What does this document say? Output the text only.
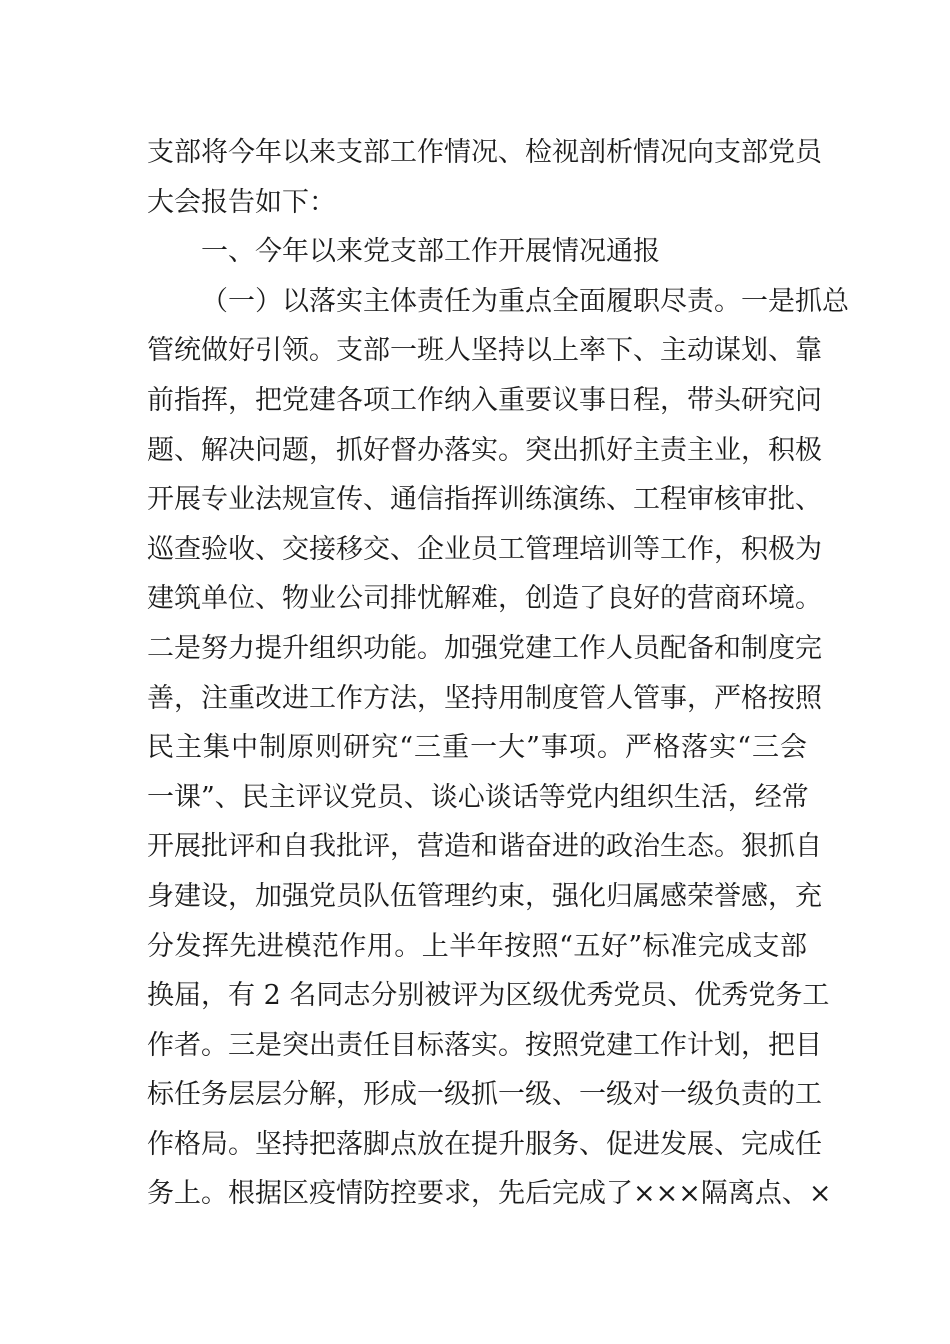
支部将今年以来支部工作情况、检视剖析情况向支部党员
大会报告如下：
一、今年以来党支部工作开展情况通报
（一）以落实主体责任为重点全面履职尽责。一是抓总
管统做好引领。支部一班人坚持以上率下、主动谋划、靠
前指挥，把党建各项工作纳入重要议事日程，带头研究问
题、解决问题，抓好督办落实。突出抓好主责主业，积极
开展专业法规宣传、通信指挥训练演练、工程审核审批、
巡查验收、交接移交、企业员工管理培训等工作，积极为
建筑单位、物业公司排忧解难，创造了良好的营商环境。
二是努力提升组织功能。加强党建工作人员配备和制度完
善，注重改进工作方法，坚持用制度管人管事，严格按照
民主集中制原则研究“三重一大”事项。严格落实“三会
一课”、民主评议党员、谈心谈话等党内组织生活，经常
开展批评和自我批评，营造和谐奋进的政治生态。狠抓自
身建设，加强党员队伍管理约束，强化归属感荣誉感，充
分发挥先进模范作用。上半年按照“五好”标准完成支部
换届，有 2 名同志分别被评为区级优秀党员、优秀党务工
作者。三是突出责任目标落实。按照党建工作计划，把目
标任务层层分解，形成一级抓一级、一级对一级负责的工
作格局。坚持把落脚点放在提升服务、促进发展、完成任
务上。根据区疫情防控要求，先后完成了×××隔离点、×
